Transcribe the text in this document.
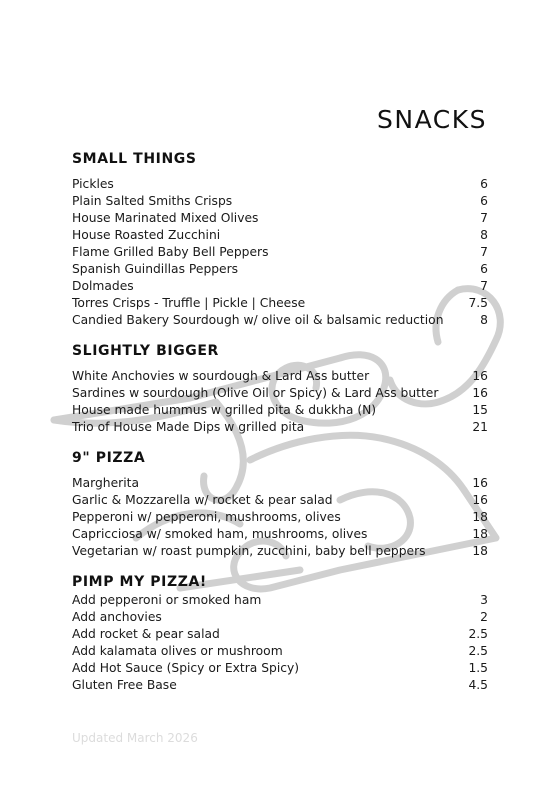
SNACKS
SMALL THINGS
Pickles	6
Plain Salted Smiths Crisps	6
House Marinated Mixed Olives	7
House Roasted Zucchini	8
Flame Grilled Baby Bell Peppers	7
Spanish Guindillas Peppers	6
Dolmades	7
Torres Crisps - Truffle | Pickle | Cheese	7.5
Candied Bakery Sourdough w/ olive oil & balsamic reduction	8
SLIGHTLY BIGGER
White Anchovies w sourdough & Lard Ass butter	16
Sardines w sourdough (Olive Oil or Spicy) & Lard Ass butter	16
House made hummus w grilled pita & dukkha (N)	15
Trio of House Made Dips w grilled pita	21
9" PIZZA
Margherita	16
Garlic & Mozzarella w/ rocket & pear salad	16
Pepperoni w/ pepperoni, mushrooms, olives	18
Capricciosa w/ smoked ham, mushrooms, olives	18
Vegetarian w/ roast pumpkin, zucchini, baby bell peppers	18
PIMP MY PIZZA!
Add pepperoni or smoked ham	3
Add anchovies	2
Add rocket & pear salad	2.5
Add kalamata olives or mushroom	2.5
Add Hot Sauce (Spicy or Extra Spicy)	1.5
Gluten Free Base	4.5

Updated March 2026
